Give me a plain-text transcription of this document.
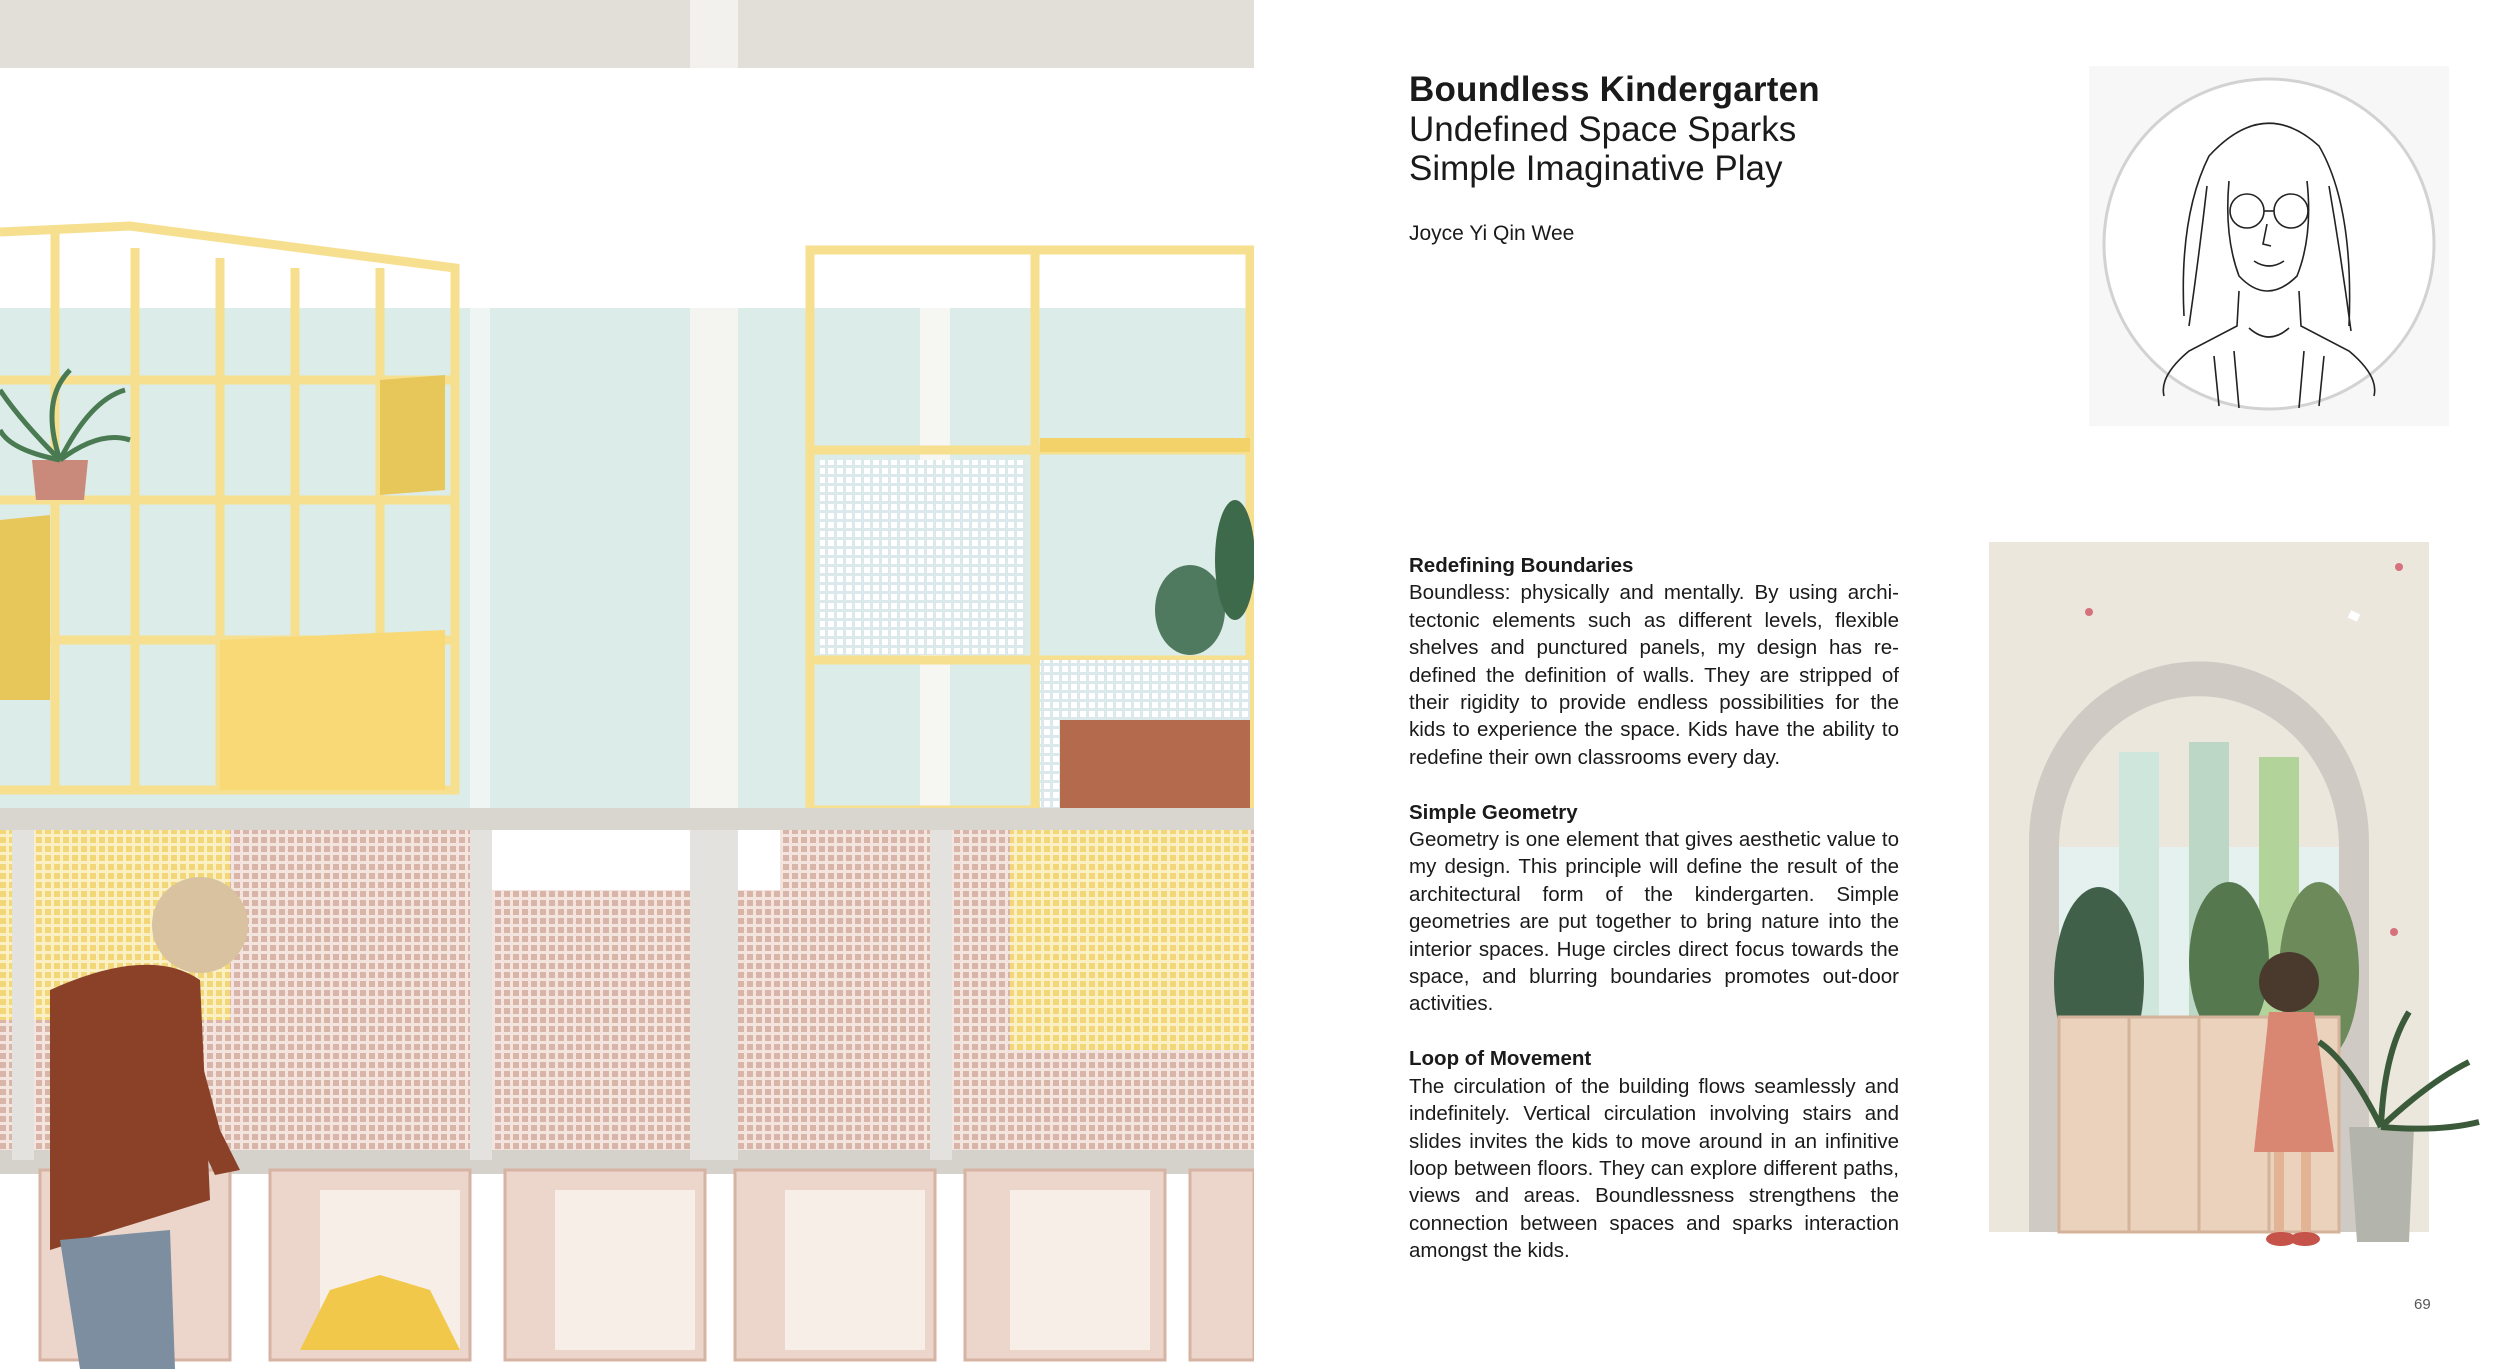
Boundless Kindergarten
Undefined Space Sparks
Simple Imaginative Play
Joyce Yi Qin Wee
Redefining Boundaries
Boundless: physically and mentally. By using archi-tectonic elements such as different levels, flexible shelves and punctured panels, my design has re-defined the definition of walls. They are stripped of their rigidity to provide endless possibilities for the kids to experience the space. Kids have the ability to redefine their own classrooms every day.
Simple Geometry
Geometry is one element that gives aesthetic value to my design. This principle will define the result of the architectural form of the kindergarten. Simple geometries are put together to bring nature into the interior spaces. Huge circles direct focus towards the space, and blurring boundaries promotes out-door activities.
Loop of Movement
The circulation of the building flows seamlessly and indefinitely. Vertical circulation involving stairs and slides invites the kids to move around in an infinitive loop between floors. They can explore different paths, views and areas. Boundlessness strengthens the connection between spaces and sparks interaction amongst the kids.
69
